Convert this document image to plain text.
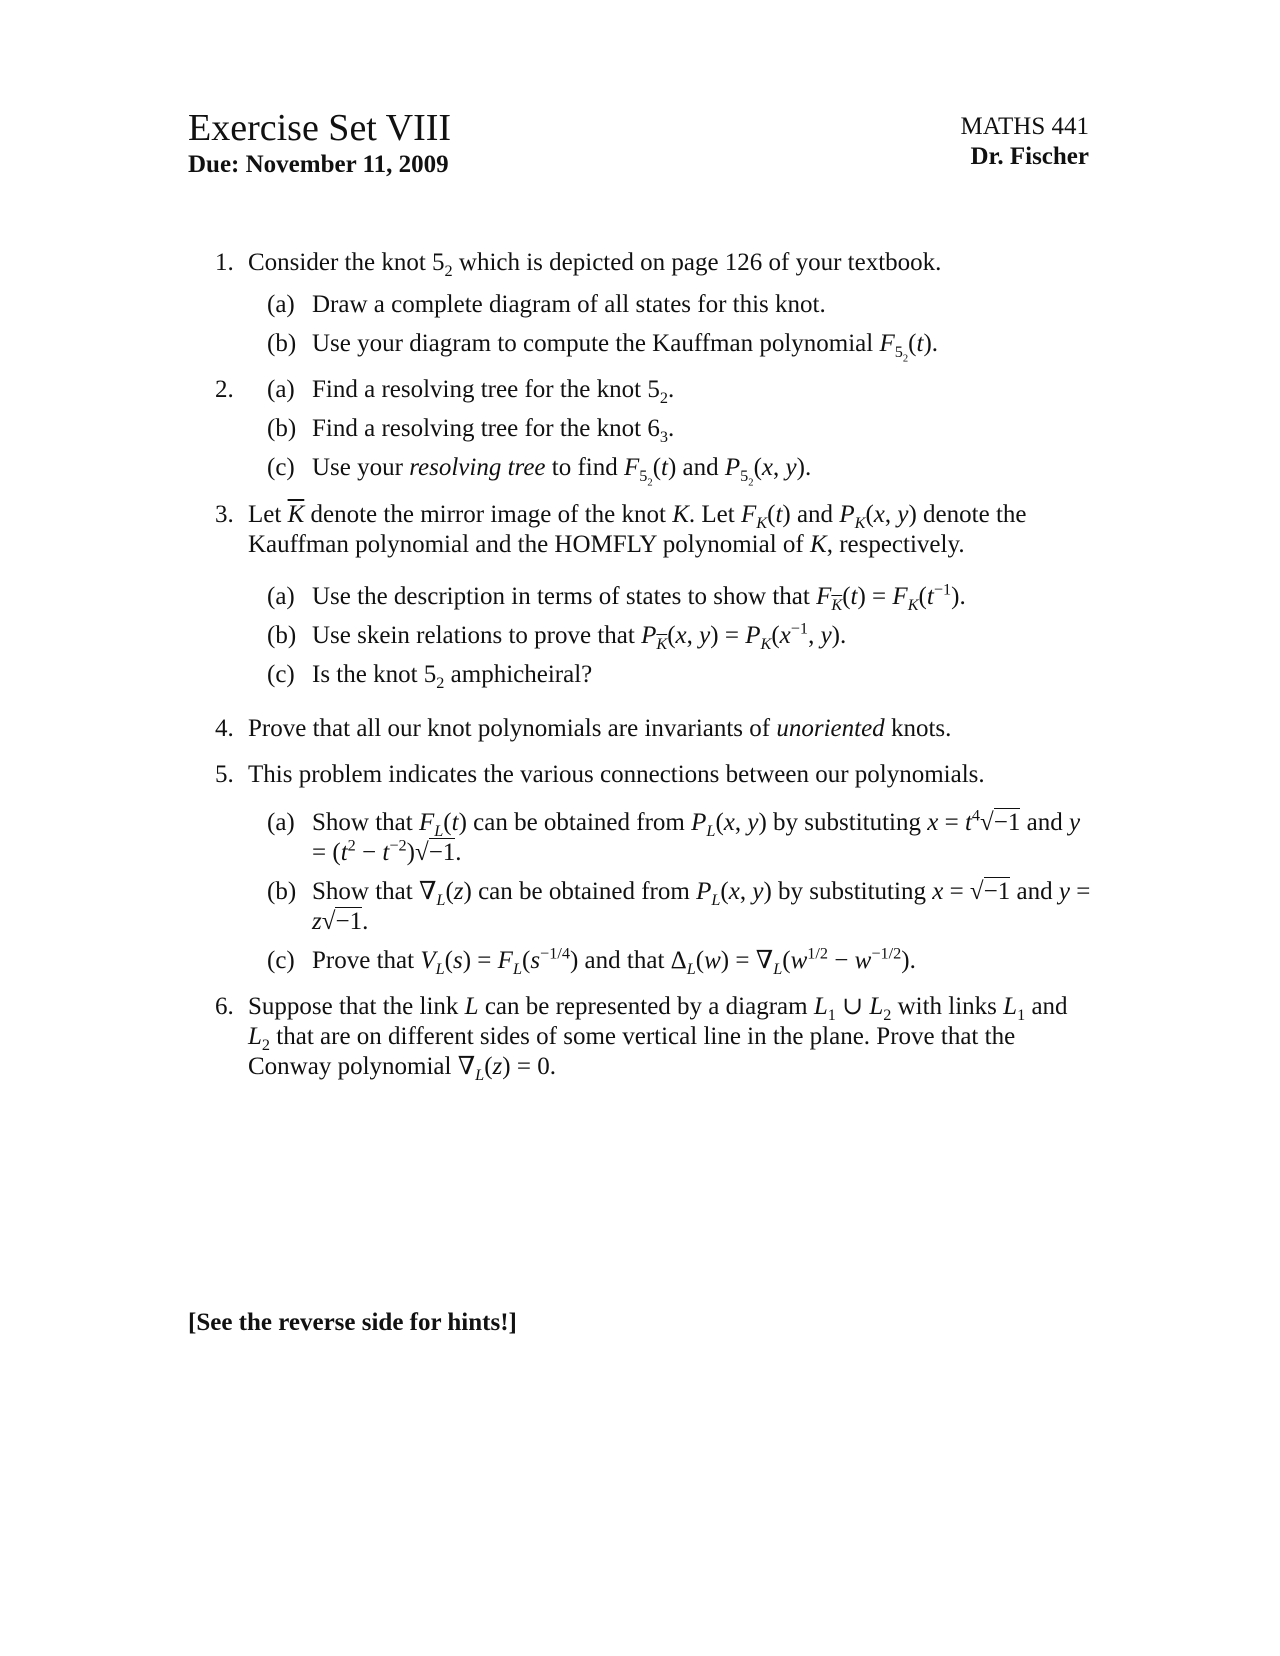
Exercise Set VIII
Due: November 11, 2009
MATHS 441
Dr. Fischer
1. Consider the knot $5_2$ which is depicted on page 126 of your textbook.
(a) Draw a complete diagram of all states for this knot.
(b) Use your diagram to compute the Kauffman polynomial $F_{5_2}(t)$.
2. (a) Find a resolving tree for the knot $5_2$.
(b) Find a resolving tree for the knot $6_3$.
(c) Use your resolving tree to find $F_{5_2}(t)$ and $P_{5_2}(x$, y).
3. Let $\overline{K}$ denote the mirror image of the knot K. Let $F_K(t)$ and $P_K(x$, y) denote the Kauffman polynomial and the HOMFLY polynomial of K, respectively.
(a) Use the description in terms of states to show that $F_{\overline{K}}(t) = F_K(t^{-1})$.
(b) Use skein relations to prove that $P_{\overline{K}}(x$, $y) = P_K(x^{-1}$, y).
(c) Is the knot $5_2$ amphicheiral?
4. Prove that all our knot polynomials are invariants of unoriented knots.
5. This problem indicates the various connections between our polynomials.
(a) Show that $F_L(t)$ can be obtained from $P_L(x$, y) by substituting $x = t^4√-1$ and $y = (t^2 - t^{-2})√-1$.
(b) Show that $\nabla_L(z)$ can be obtained from $P_L(x$, y) by substituting x = √−1 and y = z√−1.
(c) Prove that $V_L(s) = F_L(s^{-1/4})$ and that $\Delta_L(w) = \nabla_L(w^{1/2} - w^{-1/2})$.
6. Suppose that the link L can be represented by a diagram $L_1$ ∪ $L_2$ with links $L_1$ and $L_2$ that are on different sides of some vertical line in the plane. Prove that the Conway polynomial $\nabla_L(z) = 0$.
[See the reverse side for hints!]
